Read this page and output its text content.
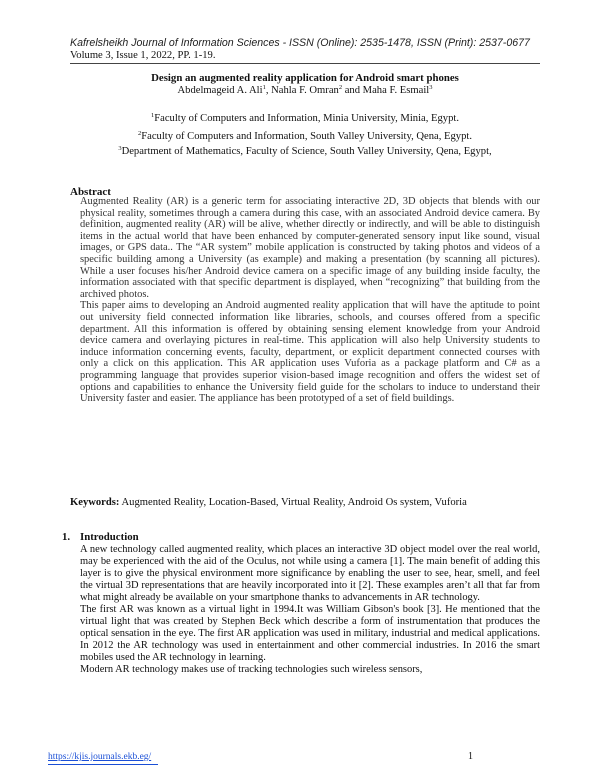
Kafrelsheikh Journal of Information Sciences - ISSN (Online): 2535-1478, ISSN (Print): 2537-0677
Volume 3, Issue 1, 2022, PP. 1-19.
Design an augmented reality application for Android smart phones
Abdelmageid A. Ali$^1$, Nahla F. Omran$^2$ and Maha F. Esmail$^3$
$^1$Faculty of Computers and Information, Minia University, Minia, Egypt.
$^2$Faculty of Computers and Information, South Valley University, Qena, Egypt.
$^3$Department of Mathematics, Faculty of Science, South Valley University, Qena, Egypt,
Abstract

Augmented Reality (AR) is a generic term for associating interactive 2D, 3D objects that blends with our physical reality, sometimes through a camera during this case, with an associated Android device camera. By definition, augmented reality (AR) will be alive, whether directly or indirectly, and will be able to distinguish items in the actual world that have been enhanced by computer-generated sensory input like sound, visual images, or GPS data.. The “AR system” mobile application is constructed by taking photos and videos of a specific building among a University (as example) and making a presentation (by scanning all pictures). While a user focuses his/her Android device camera on a specific image of any building inside faculty, the information associated with that specific department is displayed, when “recognizing” that building from the archived photos.

This paper aims to developing an Android augmented reality application that will have the aptitude to point out university field connected information like libraries, schools, and courses offered from a specific department. All this information is offered by obtaining sensing element knowledge from your Android device camera and overlaying pictures in real-time. This application will also help University students to induce information concerning events, faculty, department, or explicit department connected courses with only a click on this application. This AR application uses Vuforia as a package platform and C# as a programming language that provides superior vision-based image recognition and offers the widest set of options and capabilities to enhance the University field guide for the scholars to induce to understand their University faster and easier. The appliance has been prototyped of a set of field buildings.

Keywords: Augmented Reality, Location-Based, Virtual Reality, Android Os system, Vuforia
1. Introduction

A new technology called augmented reality, which places an interactive 3D object model over the real world, may be experienced with the aid of the Oculus, not while using a camera [1]. The main benefit of adding this layer is to give the physical environment more significance by enabling the user to see, hear, smell, and feel the virtual 3D representations that are heavily incorporated into it [2]. These examples aren’t all that far from what might already be available on your smartphone thanks to advancements in AR technology.

The first AR was known as a virtual light in 1994.It was William Gibson's book [3]. He mentioned that the virtual light that was created by Stephen Beck which describe a form of instrumentation that produces the optical sensation in the eye. The first AR application was used in military, industrial and medical applications. In 2012 the AR technology was used in entertainment and other commercial industries. In 2016 the smart mobiles used the AR technology in learning.

Modern AR technology makes use of tracking technologies such wireless sensors,

https://kjis.journals.ekb.eg/	1
